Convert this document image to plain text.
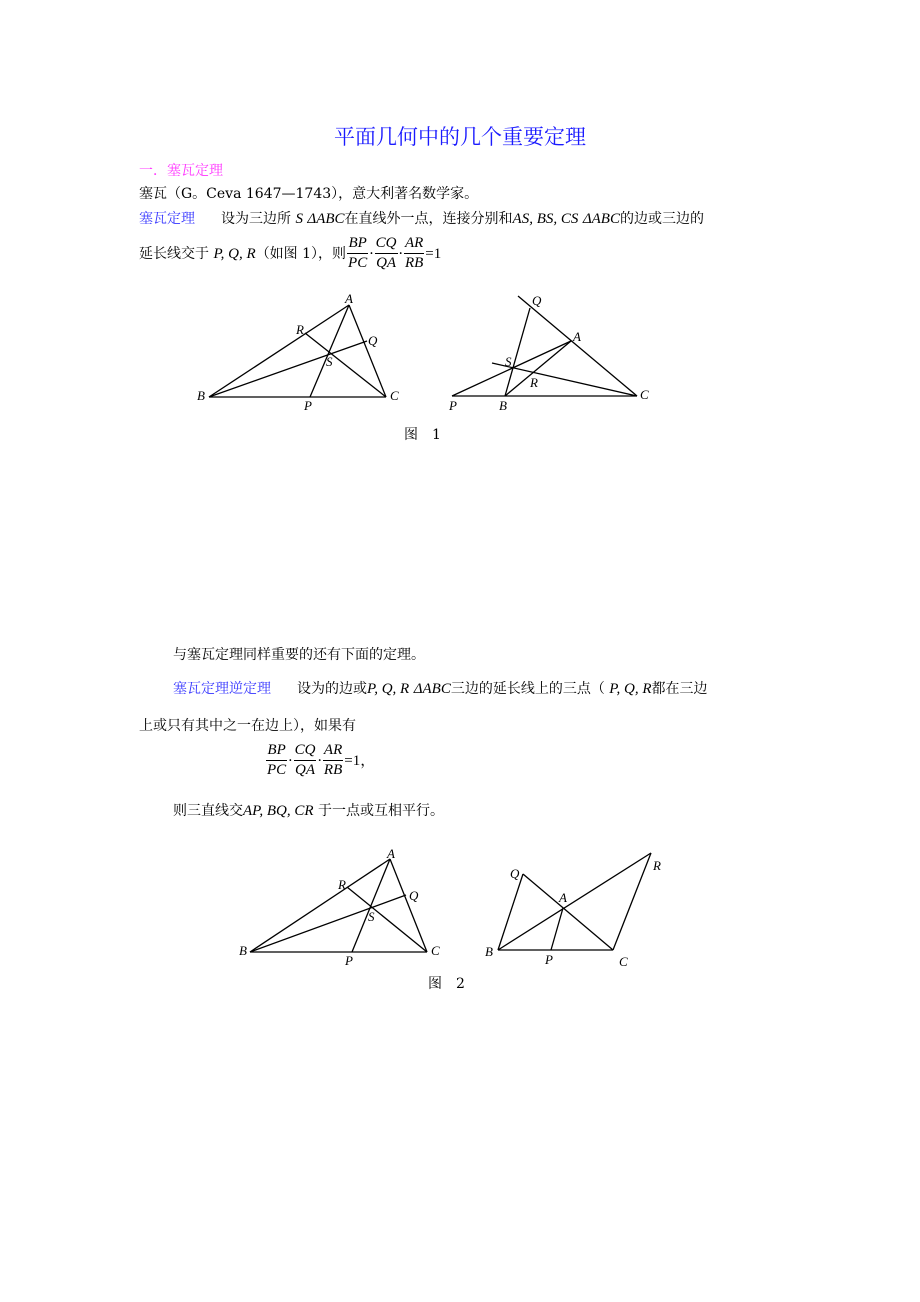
平面几何中的几个重要定理
一．塞瓦定理
塞瓦（G。Ceva 1647—1743），意大利著名数学家。
塞瓦定理 设为三边所 S ΔABC在直线外一点，连接分别和AS, BS, CS ΔABC的边或三边的
延长线交于
P, Q, R （如图 1），则 $\frac{BP}{PC} \cdot \frac{CQ}{QA} \cdot \frac{AR}{RB} =1$
图　1
与塞瓦定理同样重要的还有下面的定理。
塞瓦定理逆定理 设为的边或P, Q, R ΔABC三边的延长线上的三点（ P, Q, R都在三边
上或只有其中之一在边上），如果有
$\frac{BP}{PC} \cdot \frac{CQ}{QA} \cdot \frac{AR}{RB} =1$，
则三直线交AP, BQ, CR 于一点或互相平行。
图　2
A
B	C
P
Q
R
S
A
B
C
P
Q
R
S
A
B	C
P
Q
R
S
A
B
C
P
Q
R
